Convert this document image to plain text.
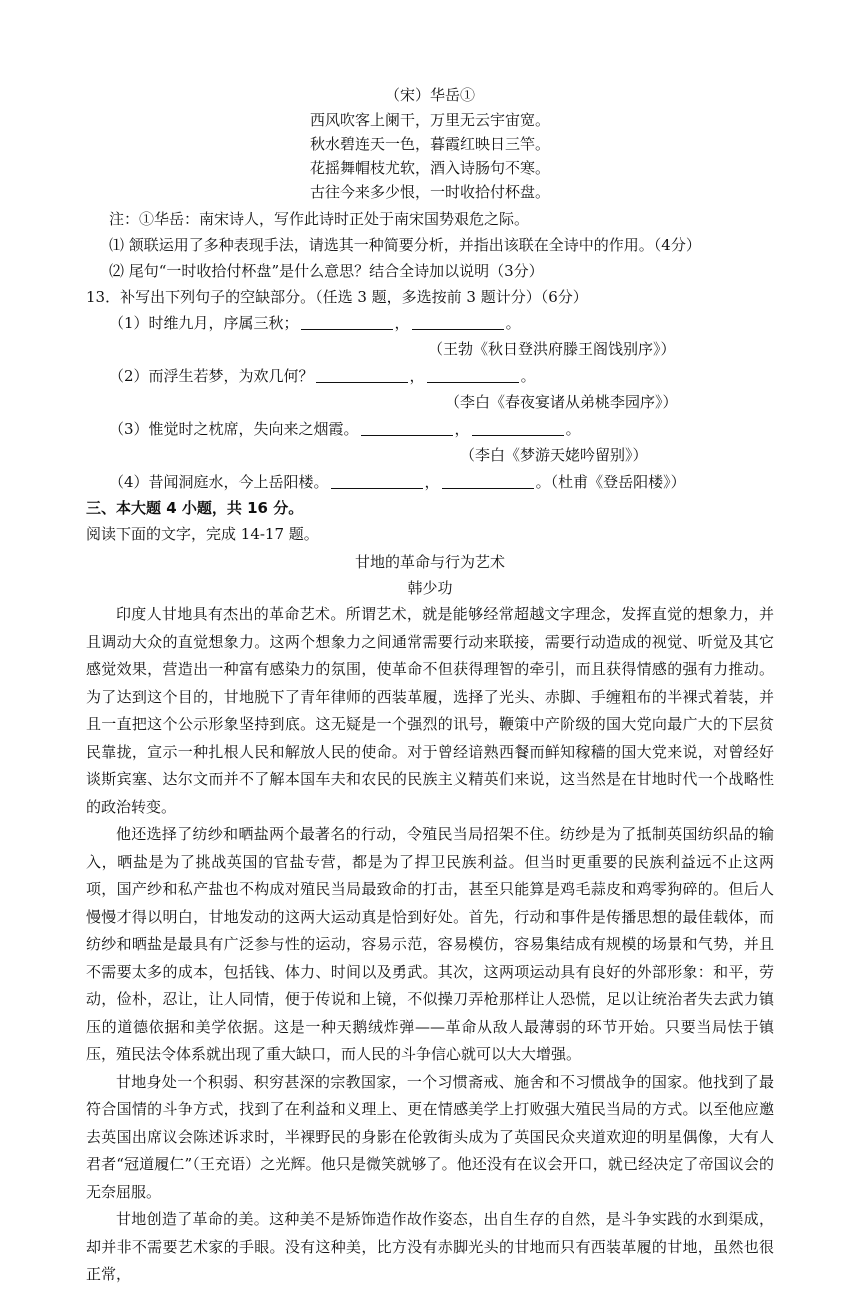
（宋）华岳①
西风吹客上阑干，万里无云宇宙宽。
秋水碧连天一色，暮霞红映日三竿。
花摇舞帽枝尤软，酒入诗肠句不寒。
古往今来多少恨，一时收拾付杯盘。
注：①华岳：南宋诗人，写作此诗时正处于南宋国势艰危之际。
⑴ 颔联运用了多种表现手法，请选其一种简要分析，并指出该联在全诗中的作用。（4分）
⑵ 尾句“一时收拾付杯盘”是什么意思？结合全诗加以说明（3分）
13．补写出下列句子的空缺部分。（任选 3 题，多选按前 3 题计分）（6分）
（1）时维九月，序属三秋；	，	。
（王勃《秋日登洪府滕王阁饯别序》）
（2）而浮生若梦，为欢几何？	，	。
（李白《春夜宴诸从弟桃李园序》）
（3）惟觉时之枕席，失向来之烟霞。	，	。
（李白《梦游天姥吟留别》）
（4）昔闻洞庭水，今上岳阳楼。	，	。（杜甫《登岳阳楼》）
三、本大题 4 小题，共 16 分。
阅读下面的文字，完成 14-17 题。
甘地的革命与行为艺术
韩少功

印度人甘地具有杰出的革命艺术。所谓艺术，就是能够经常超越文字理念，发挥直觉的想象力，并且调动大众的直觉想象力。这两个想象力之间通常需要行动来联接，需要行动造成的视觉、听觉及其它感觉效果，营造出一种富有感染力的氛围，使革命不但获得理智的牵引，而且获得情感的强有力推动。为了达到这个目的，甘地脱下了青年律师的西装革履，选择了光头、赤脚、手缠粗布的半裸式着装，并且一直把这个公示形象坚持到底。这无疑是一个强烈的讯号，鞭策中产阶级的国大党向最广大的下层贫民靠拢，宣示一种扎根人民和解放人民的使命。对于曾经谙熟西餐而鲜知稼穑的国大党来说，对曾经好谈斯宾塞、达尔文而并不了解本国车夫和农民的民族主义精英们来说，这当然是在甘地时代一个战略性的政治转变。

他还选择了纺纱和晒盐两个最著名的行动，令殖民当局招架不住。纺纱是为了抵制英国纺织品的输入，晒盐是为了挑战英国的官盐专营，都是为了捍卫民族利益。但当时更重要的民族利益远不止这两项，国产纱和私产盐也不构成对殖民当局最致命的打击，甚至只能算是鸡毛蒜皮和鸡零狗碎的。但后人慢慢才得以明白，甘地发动的这两大运动真是恰到好处。首先，行动和事件是传播思想的最佳载体，而纺纱和晒盐是最具有广泛参与性的运动，容易示范，容易模仿，容易集结成有规模的场景和气势，并且不需要太多的成本，包括钱、体力、时间以及勇武。其次，这两项运动具有良好的外部形象：和平，劳动，俭朴，忍让，让人同情，便于传说和上镜，不似操刀弄枪那样让人恐慌，足以让统治者失去武力镇压的道德依据和美学依据。这是一种天鹅绒炸弹——革命从敌人最薄弱的环节开始。只要当局怯于镇压，殖民法令体系就出现了重大缺口，而人民的斗争信心就可以大大增强。

甘地身处一个积弱、积穷甚深的宗教国家，一个习惯斋戒、施舍和不习惯战争的国家。他找到了最符合国情的斗争方式，找到了在利益和义理上、更在情感美学上打败强大殖民当局的方式。以至他应邀去英国出席议会陈述诉求时，半裸野民的身影在伦敦街头成为了英国民众夹道欢迎的明星偶像，大有人君者“冠道履仁”（王充语）之光辉。他只是微笑就够了。他还没有在议会开口，就已经决定了帝国议会的无奈屈服。

甘地创造了革命的美。这种美不是矫饰造作故作姿态，出自生存的自然，是斗争实践的水到渠成，却并非不需要艺术家的手眼。没有这种美，比方没有赤脚光头的甘地而只有西装革履的甘地，虽然也很正常，
